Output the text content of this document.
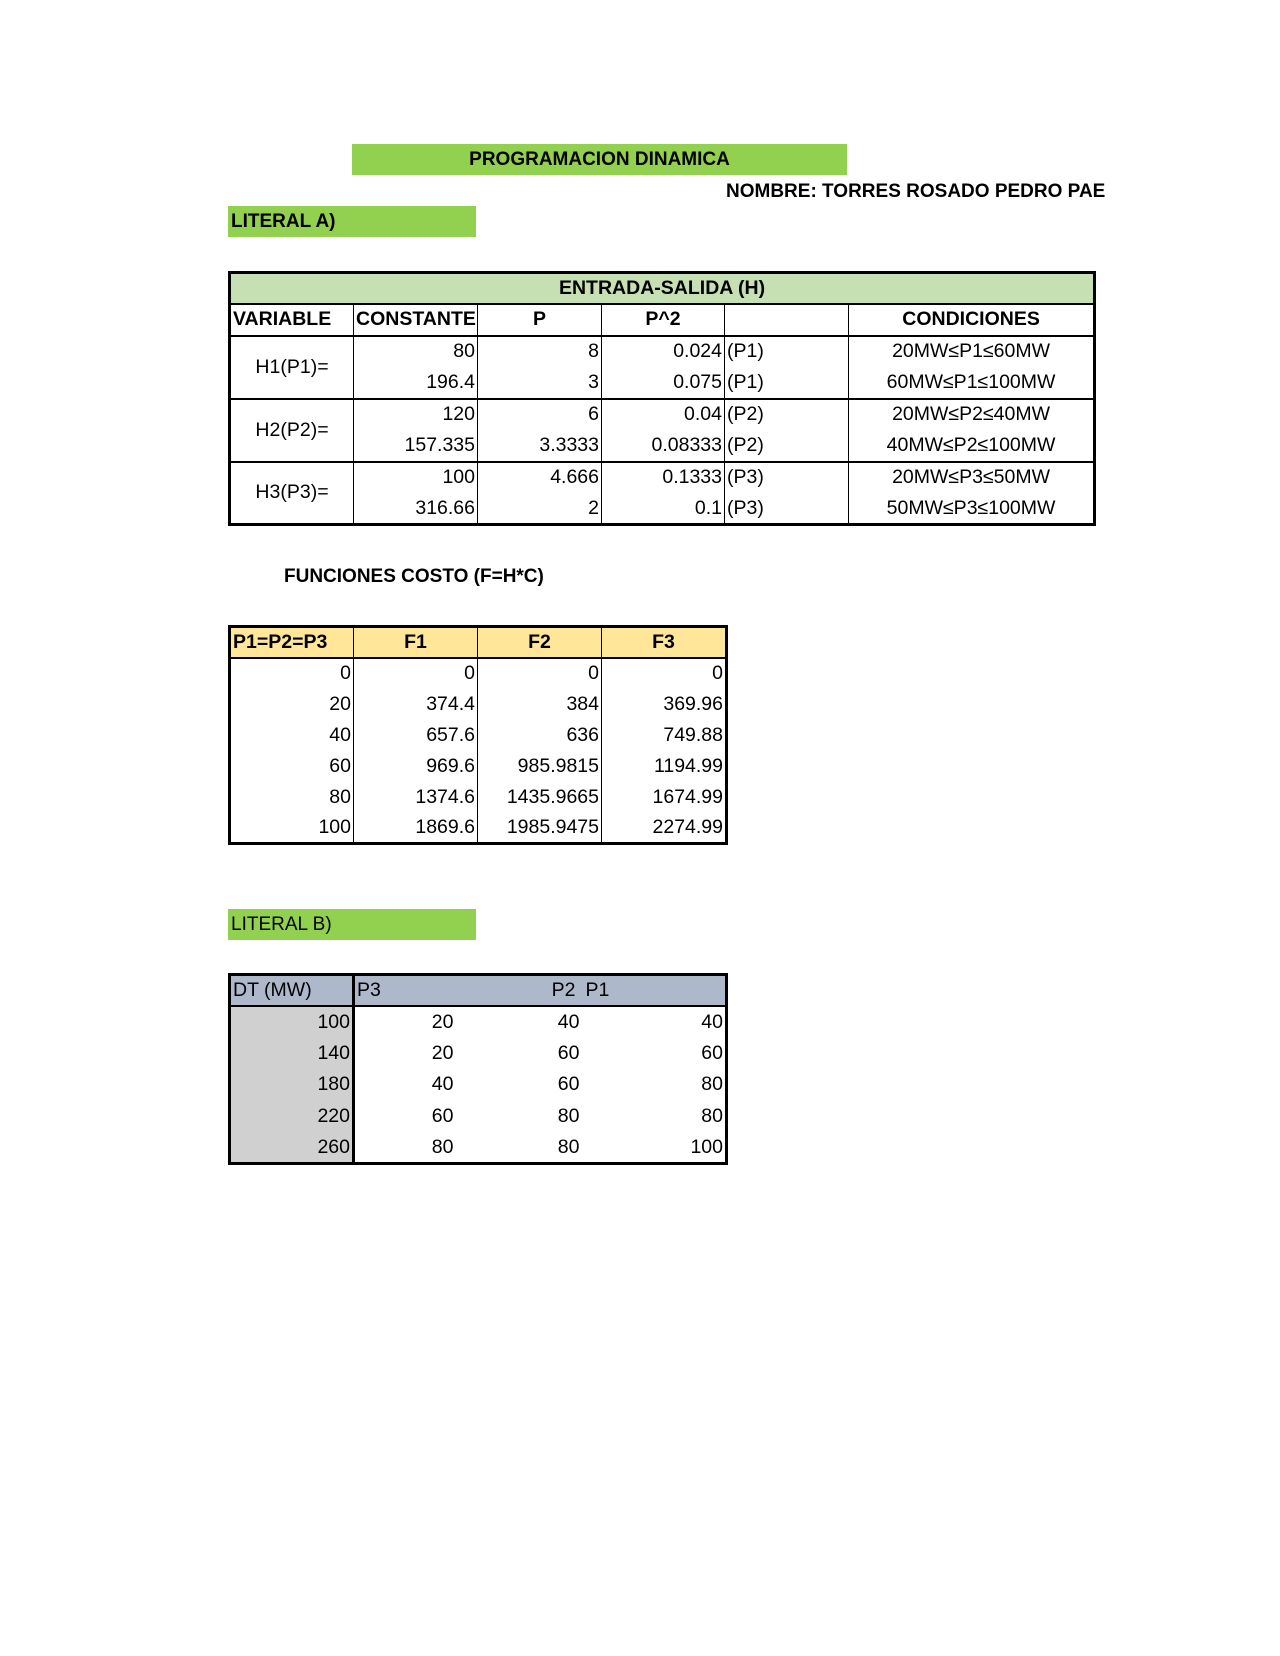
PROGRAMACION DINAMICA
NOMBRE: TORRES ROSADO PEDRO PAE
LITERAL A)
ENTRADA-SALIDA (H)					
VARIABLE	CONSTANTE	P	P^2		CONDICIONES
H1(P1)=	80	8	0.024	(P1)	20MW≤P1≤60MW
	196.4	3	0.075	(P1)	60MW≤P1≤100MW
H2(P2)=	120	6	0.04	(P2)	20MW≤P2≤40MW
	157.335	3.3333	0.08333	(P2)	40MW≤P2≤100MW
H3(P3)=	100	4.666	0.1333	(P3)	20MW≤P3≤50MW
	316.66	2	0.1	(P3)	50MW≤P3≤100MW
FUNCIONES COSTO (F=H*C)
P1=P2=P3	F1	F2	F3
0	0	0	0
20	374.4	384	369.96
40	657.6	636	749.88
60	969.6	985.9815	1194.99
80	1374.6	1435.9665	1674.99
100	1869.6	1985.9475	2274.99
LITERAL B)
DT (MW)	P3	P2	P1
100	20	40	40
140	20	60	60
180	40	60	80
220	60	80	80
260	80	80	100
